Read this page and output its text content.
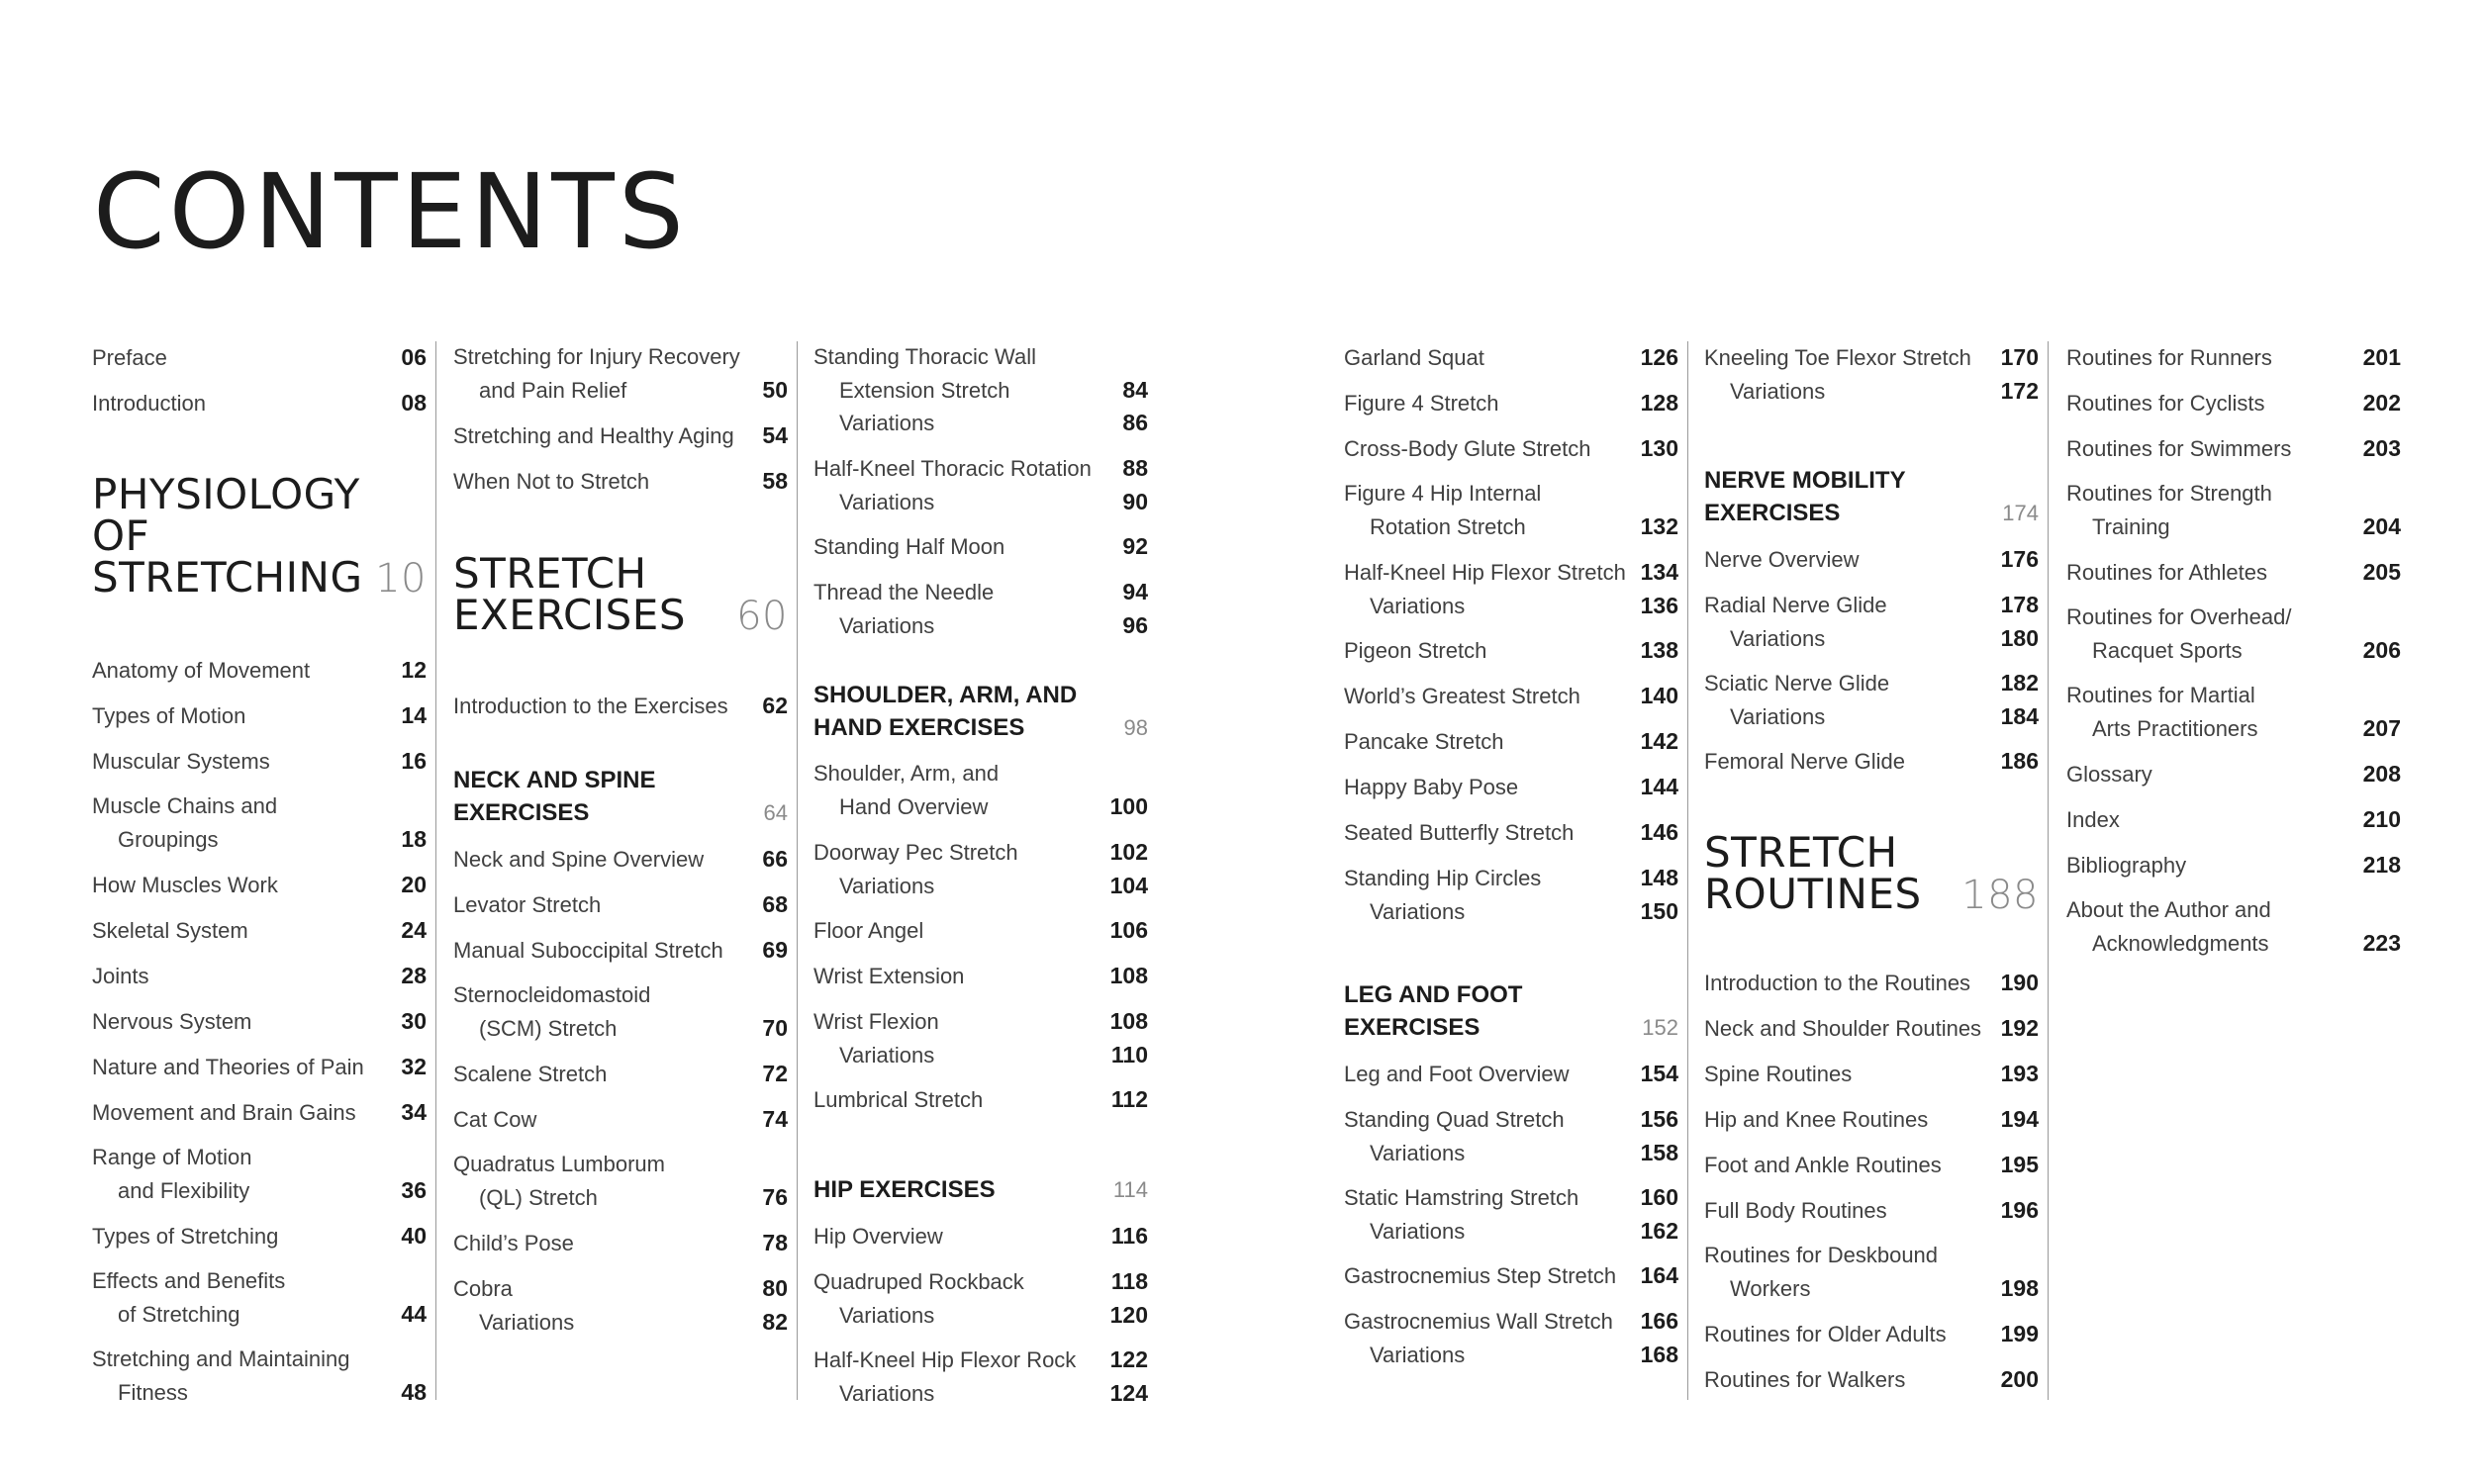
CONTENTS
Preface	06
Introduction	08
PHYSIOLOGY
OF
STRETCHING 10
Anatomy of Movement	12
Types of Motion	14
Muscular Systems	16
Muscle Chains and
Groupings	18
How Muscles Work	20
Skeletal System	24
Joints	28
Nervous System	30
Nature and Theories of Pain 32
Movement and Brain Gains 34
Range of Motion
and Flexibility	36
Types of Stretching	40
Effects and Benefits
of Stretching	44
Stretching and Maintaining
Fitness	48
Stretching for Injury Recovery
and Pain Relief	50
Stretching and Healthy Aging 54
When Not to Stretch	58
STRETCH
EXERCISES	60
Introduction to the Exercises 62
NECK AND SPINE
EXERCISES	64
Neck and Spine Overview	66
Levator Stretch	68
Manual Suboccipital Stretch 69
Sternocleidomastoid
(SCM) Stretch	70
Scalene Stretch	72
Cat Cow	74
Quadratus Lumborum
(QL) Stretch	76
Child’s Pose	78
Cobra	80
Variations	82
Standing Thoracic Wall
Extension Stretch	84
Variations	86
Half-Kneel Thoracic Rotation 88
Variations	90
Standing Half Moon	92
Thread the Needle	94
Variations	96
SHOULDER, ARM, AND
HAND EXERCISES	98
Shoulder, Arm, and
Hand Overview	100
Doorway Pec Stretch	102
Variations	104
Floor Angel	106
Wrist Extension	108
Wrist Flexion	108
Variations	110
Lumbrical Stretch	112
HIP EXERCISES	114
Hip Overview	116
Quadruped Rockback	118
Variations	120
Half-Kneel Hip Flexor Rock 122
Variations	124
Garland Squat	126
Figure 4 Stretch	128
Cross-Body Glute Stretch 130
Figure 4 Hip Internal
Rotation Stretch	132
Half-Kneel Hip Flexor Stretch 134
Variations	136
Pigeon Stretch	138
World’s Greatest Stretch	140
Pancake Stretch	142
Happy Baby Pose	144
Seated Butterfly Stretch	146
Standing Hip Circles	148
Variations	150
LEG AND FOOT
EXERCISES	152
Leg and Foot Overview	154
Standing Quad Stretch	156
Variations	158
Static Hamstring Stretch	160
Variations	162
Gastrocnemius Step Stretch 164
Gastrocnemius Wall Stretch 166
Variations	168
Kneeling Toe Flexor Stretch 170
Variations	172
NERVE MOBILITY
EXERCISES	174
Nerve Overview	176
Radial Nerve Glide	178
Variations	180
Sciatic Nerve Glide	182
Variations	184
Femoral Nerve Glide	186
STRETCH
ROUTINES	188
Introduction to the Routines 190
Neck and Shoulder Routines 192
Spine Routines	193
Hip and Knee Routines	194
Foot and Ankle Routines	195
Full Body Routines	196
Routines for Deskbound
Workers	198
Routines for Older Adults 199
Routines for Walkers	200
Routines for Runners	201
Routines for Cyclists	202
Routines for Swimmers	203
Routines for Strength
Training	204
Routines for Athletes	205
Routines for Overhead/
Racquet Sports	206
Routines for Martial
Arts Practitioners	207
Glossary	208
Index	210
Bibliography	218
About the Author and
Acknowledgments	223
